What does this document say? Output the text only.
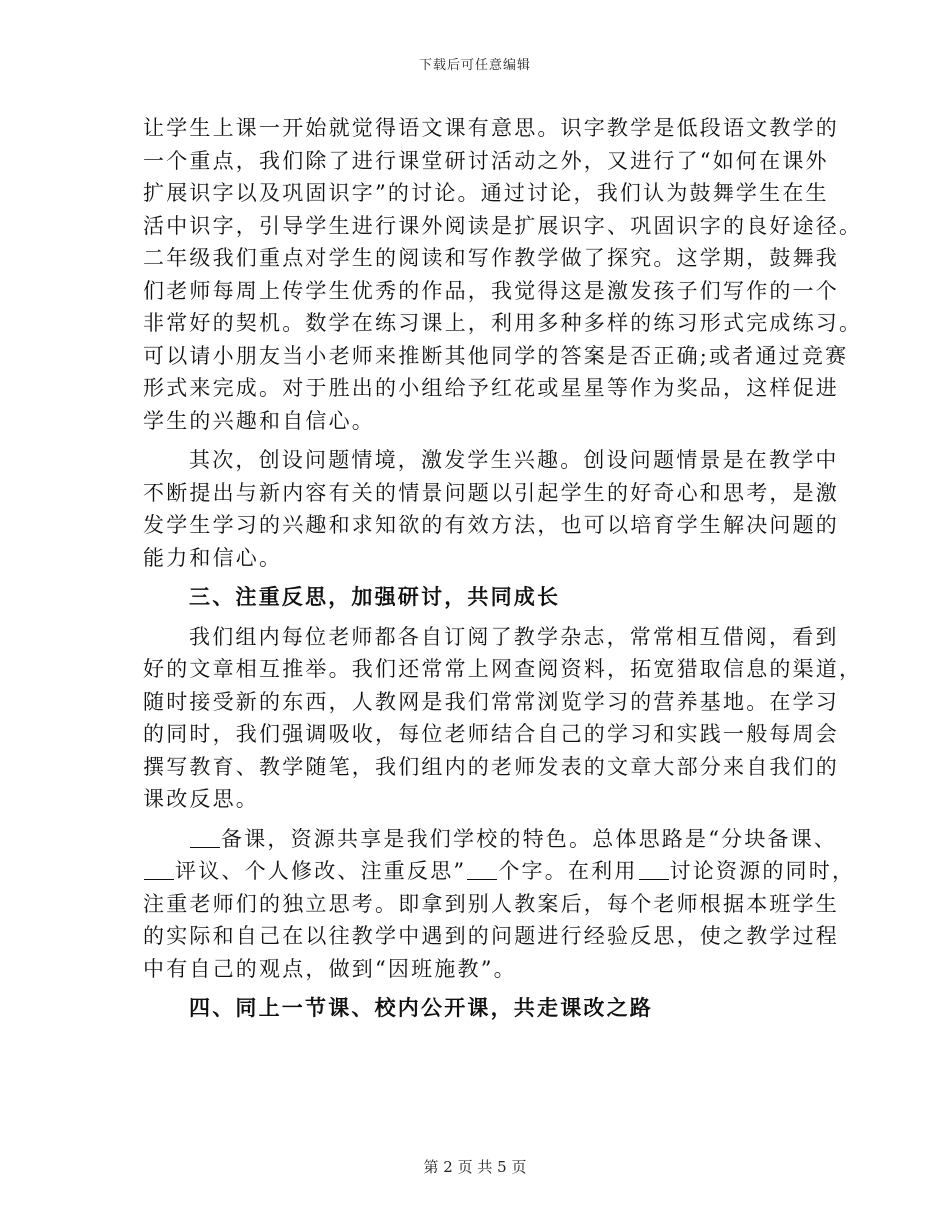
下载后可任意编辑
让学生上课一开始就觉得语文课有意思。识字教学是低段语文教学的
一个重点，我们除了进行课堂研讨活动之外，又进行了“如何在课外
扩展识字以及巩固识字”的讨论。通过讨论，我们认为鼓舞学生在生
活中识字，引导学生进行课外阅读是扩展识字、巩固识字的良好途径。
二年级我们重点对学生的阅读和写作教学做了探究。这学期，鼓舞我
们老师每周上传学生优秀的作品，我觉得这是激发孩子们写作的一个
非常好的契机。数学在练习课上，利用多种多样的练习形式完成练习。
可以请小朋友当小老师来推断其他同学的答案是否正确;或者通过竞赛
形式来完成。对于胜出的小组给予红花或星星等作为奖品，这样促进
学生的兴趣和自信心。
其次，创设问题情境，激发学生兴趣。创设问题情景是在教学中
不断提出与新内容有关的情景问题以引起学生的好奇心和思考，是激
发学生学习的兴趣和求知欲的有效方法，也可以培育学生解决问题的
能力和信心。
三、注重反思，加强研讨，共同成长
我们组内每位老师都各自订阅了教学杂志，常常相互借阅，看到
好的文章相互推举。我们还常常上网查阅资料，拓宽猎取信息的渠道，
随时接受新的东西，人教网是我们常常浏览学习的营养基地。在学习
的同时，我们强调吸收，每位老师结合自己的学习和实践一般每周会
撰写教育、教学随笔，我们组内的老师发表的文章大部分来自我们的
课改反思。
备课，资源共享是我们学校的特色。总体思路是“分块备课、
评议、个人修改、注重反思” 个字。在利用 讨论资源的同时，
注重老师们的独立思考。即拿到别人教案后，每个老师根据本班学生
的实际和自己在以往教学中遇到的问题进行经验反思，使之教学过程
中有自己的观点，做到“因班施教”。
四、同上一节课、校内公开课，共走课改之路
第 2 页 共 5 页
